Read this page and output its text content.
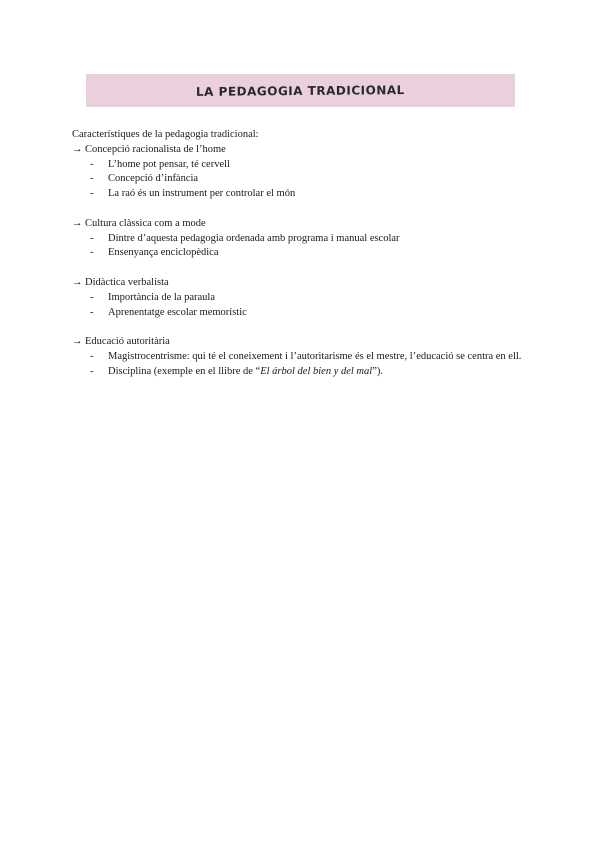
LA PEDAGOGIA TRADICIONAL

Característiques de la pedagogia tradicional:

→ Concepció racionalista de l’home

- L’home pot pensar, té cervell
- Concepció d’infància
- La raó és un instrument per controlar el món

→ Cultura clàssica com a mode

- Dintre d’aquesta pedagogia ordenada amb programa i manual escolar
- Ensenyança enciclopèdica

→ Didàctica verbalista

- Importància de la paraula
- Aprenentatge escolar memorístic

→ Educació autoritària

- Magistrocentrisme: qui té el coneixement i l’autoritarisme és el mestre, l’educació se centra en ell.
- Disciplina (exemple en el llibre de “El árbol del bien y del mal”).
